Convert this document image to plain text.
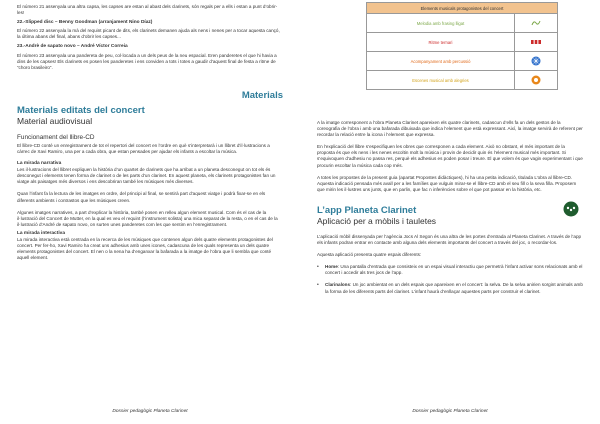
El número 21 assenyala una altra capsa, les capses are estan al abast dels clarinets, són regals per a ells i estan a punt d’obrir-les!

22.-Slipped disc – Benny Goodman (arranjament Nino Díaz)

El número 22 assenyala la mà del requint picant de dits, els clarinets demanen ajuda als nens i nenes per a tocar aquesta cançó, la última abans del final, abans d’obrir les capses...

23.-Andrè de sapato novo – André Víctor Correia

El número 23 assenyala una pandereta de peu, col·locada a un dels peus de la neu espacial. Eren panderetes el que hi havia a dins de les capses! Els clarinets es posen les panderetes i ens conviden a tots i totes a gaudir d’aquest final de festa a ritme de “choro brasileiro”.

Materials
Materials editats del concert
Material audiovisual
Funcionament del llibre-CD

El llibre-CD conté un enregistrament de tot el repertori del concert en l’ordre en què s’interpretarà i un llibret d’il·lustracions a càrrec de Xavi Ramiro, una per a cada obra, que estan pensades per ajudar els infants a escoltar la música.

La mirada narrativa

Les il·lustracions del llibret expliquen la història d’un quartet de clarinets que ha arribat a un planeta desconegut on tot els és desconegut i elements tenen forma de clarinet o de les parts d’un clarinet. En aquest planeta, els clarinets protagonistes fan un viatge als paisatges més diversos i ens descobriran també les músiques més diverses.

Quan l’infant fa la lectura de les imatges en ordre, del principi al final, se sentirà part d’aquest viatge i podrà fixar-se en els diferents ambients i contrastos que les músiques creen.

Algunes imatges narratives, a part d’explicar la història, també posen en relleu algun element musical. Com és el cas de la il·lustració del Concert de Mutter, en la qual es veu el requint (l’instrument solista) una mica separat de la resta, o en el cas de la il·lustració d’André de sapato novo, on surten unes panderetes com les que sentim en l’enregistrament.

La mirada interactiva

La mirada interactiva està centrada en la recerca de les músiques que contenen algun dels quatre elements protagonistes del concert. Per fer-ho, Xavi Ramiro ha creat uns adhesius amb unes icones, cadascuna de les quals representa un dels quatre elements protagonistes del concert. El nen o la nena ha d’enganxar la bafarada a la imatge de l’obra que li sembla que conté aquell element.

Dossier pedagògic Planeta Clarinet
Elements musicals protagonistes del concert	
Melodia amb frasing lligat	
Ritme ternari	
Acompanyament amb percussió	
Escenes musical amb alegries	

A la imatge corresponent a l’obra Planeta Clarinet apareixen els quatre clarinets, cadascun d’ells fa un dels gestos de la coreografia de l’obra i amb una bafarada dibuixada que indica l’element que està expressant. Així, la imatge servirà de referent per recordar la relació entre la icona i l’element que expressa.

En l’explicació del llibre s’especifiquen les obres que corresponen a cada element. Això no obstant, el més important de la proposta és que els nens i les nenes escoltin molt la música i provin de decidir quin és l’element musical més important. Si s’equivoquen d’adhesiu no passa res, perquè els adhesius es poden posar i treure. El que volem és que vagin experimentant i que procurin escoltar la música cada cop més.

A totes les propostes de la present guia (apartat Propostes didàctiques), hi ha una petita indicació, titulada L’obra al llibre-CD. Aquesta indicació pensada més avall per a les famílies que vulguin mirar-se el llibre-CD amb el seu fill o la seva filla. Proposem que mirin les il·lustres uns junts, que en parlin, que fac n inferències sobre el que pot passar en la història, etc.

L’app Planeta Clarinet
Aplicació per a mòbils i tauletes

L’aplicació mòbil dissenyada per l’agència Jocs Al Segon és una altra de les portes d’entrada al Planeta Clarinet. A través de l’app els infants podran entrar en contacte amb alguna dels elements importants del concert a través del joc, o recordar-los.

Aquesta aplicació presenta quatre espais diferents:

• Home: Una pantalla d’entrada que consisteix en un espai visual interactiu que permetrà l’infant activar sons relacionats amb el concert i accedir als tres jocs de l’app.

• Clarinalons: Un joc ambientat en un dels espais que apareixen en el concert: la selva. De la selva anirien sorgint animals amb la forma de les diferents parts del clarinet. L’infant haurà d’enllaçar aquestes parts per construir el clarinet.

Dossier pedagògic Planeta Clarinet
